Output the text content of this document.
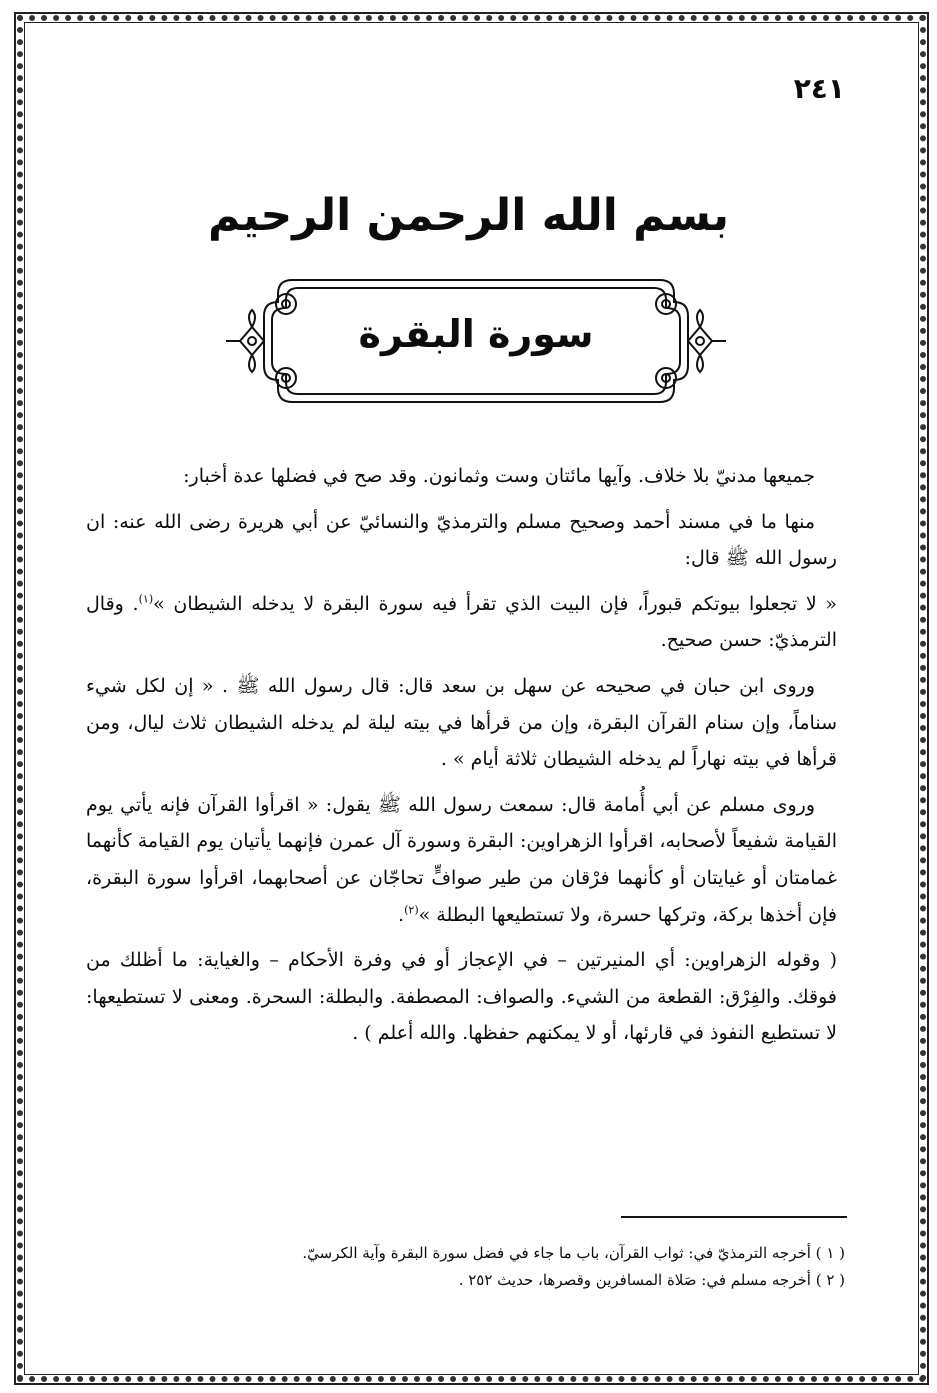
٢٤١
بسم الله الرحمن الرحيم
سورة البقرة

جميعها مدنيّ بلا خلاف. وآيها مائتان وست وثمانون. وقد صح في فضلها عدة أخبار:

منها ما في مسند أحمد وصحيح مسلم والترمذيّ والنسائيّ عن أبي هريرة رضى الله عنه: ان رسول الله ﷺ قال:

« لا تجعلوا بيوتكم قبوراً، فإن البيت الذي تقرأ فيه سورة البقرة لا يدخله الشيطان »$^{(١)}$. وقال الترمذيّ: حسن صحيح.

وروى ابن حبان في صحيحه عن سهل بن سعد قال: قال رسول الله ﷺ . « إن لكل شيء سناماً، وإن سنام القرآن البقرة، وإن من قرأها في بيته ليلة لم يدخله الشيطان ثلاث ليال، ومن قرأها في بيته نهاراً لم يدخله الشيطان ثلاثة أيام » .

وروى مسلم عن أبي أُمامة قال: سمعت رسول الله ﷺ يقول: « اقرأوا القرآن فإنه يأتي يوم القيامة شفيعاً لأصحابه، اقرأوا الزهراوين: البقرة وسورة آل عمرن فإنهما يأتيان يوم القيامة كأنهما غمامتان أو غيايتان أو كأنهما فرْقان من طير صوافٍّ تحاجّان عن أصحابهما، اقرأوا سورة البقرة، فإن أخذها بركة، وتركها حسرة، ولا تستطيعها البطلة »$^{(٢)}$.

( وقوله الزهراوين: أي المنيرتين – في الإعجاز أو في وفرة الأحكام – والغياية: ما أظلك من فوقك. والفِرْق: القطعة من الشيء. والصواف: المصطفة. والبطلة: السحرة. ومعنى لا تستطيعها: لا تستطيع النفوذ في قارئها، أو لا يمكنهم حفظها. والله أعلم ) .

( ١ ) أخرجه الترمذيّ في: ثواب القرآن، باب ما جاء في فضل سورة البقرة وآية الكرسيّ.
( ٢ ) أخرجه مسلم في: صَلاة المسافرين وقصرها، حديث ٢٥٢ .
